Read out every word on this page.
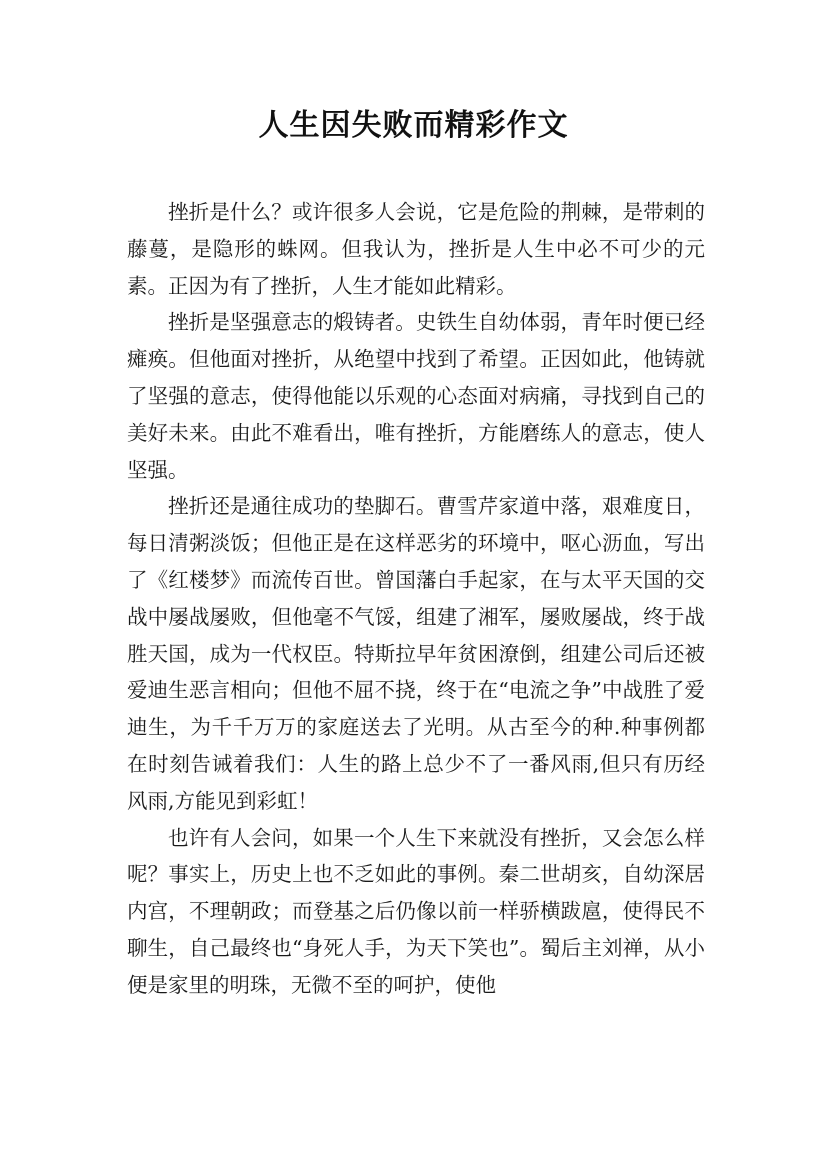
人生因失败而精彩作文

挫折是什么？或许很多人会说，它是危险的荆棘，是带刺的藤蔓，是隐形的蛛网。但我认为，挫折是人生中必不可少的元素。正因为有了挫折，人生才能如此精彩。

挫折是坚强意志的煅铸者。史铁生自幼体弱，青年时便已经瘫痪。但他面对挫折，从绝望中找到了希望。正因如此，他铸就了坚强的意志，使得他能以乐观的心态面对病痛，寻找到自己的美好未来。由此不难看出，唯有挫折，方能磨练人的意志，使人坚强。

挫折还是通往成功的垫脚石。曹雪芹家道中落，艰难度日，每日清粥淡饭；但他正是在这样恶劣的环境中，呕心沥血，写出了《红楼梦》而流传百世。曾国藩白手起家，在与太平天国的交战中屡战屡败，但他毫不气馁，组建了湘军，屡败屡战，终于战胜天国，成为一代权臣。特斯拉早年贫困潦倒，组建公司后还被爱迪生恶言相向；但他不屈不挠，终于在“电流之争”中战胜了爱迪生，为千千万万的家庭送去了光明。从古至今的种.种事例都在时刻告诫着我们：人生的路上总少不了一番风雨,但只有历经风雨,方能见到彩虹！

也许有人会问，如果一个人生下来就没有挫折，又会怎么样呢？事实上，历史上也不乏如此的事例。秦二世胡亥，自幼深居内宫，不理朝政；而登基之后仍像以前一样骄横跋扈，使得民不聊生，自己最终也“身死人手，为天下笑也”。蜀后主刘禅，从小便是家里的明珠，无微不至的呵护，使他
